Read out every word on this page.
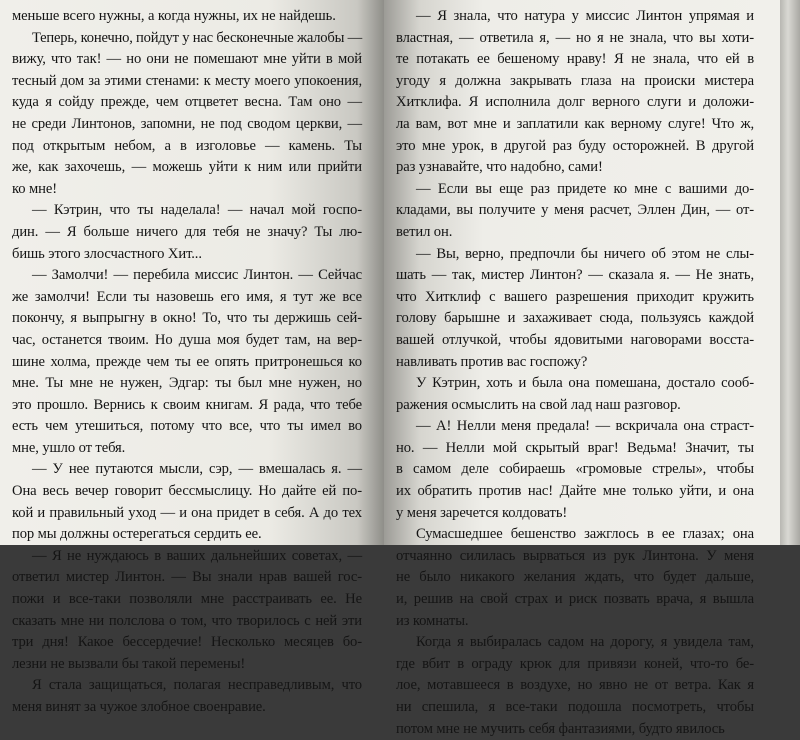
меньше всего нужны, а когда нужны, их не найдешь.
Теперь, конечно, пойдут у нас бесконечные жалобы —
вижу, что так! — но они не помешают мне уйти в мой
тесный дом за этими стенами: к месту моего упокоения,
куда я сойду прежде, чем отцветет весна. Там оно —
не среди Линтонов, запомни, не под сводом церкви, —
под открытым небом, а в изголовье — камень. Ты
же, как захочешь, — можешь уйти к ним или прийти
ко мне!
— Кэтрин, что ты наделала! — начал мой госпо-
дин. — Я больше ничего для тебя не значу? Ты лю-
бишь этого злосчастного Хит...
— Замолчи! — перебила миссис Линтон. — Сейчас
же замолчи! Если ты назовешь его имя, я тут же все
покончу, я выпрыгну в окно! То, что ты держишь сей-
час, останется твоим. Но душа моя будет там, на вер-
шине холма, прежде чем ты ее опять притронешься ко
мне. Ты мне не нужен, Эдгар: ты был мне нужен, но
это прошло. Вернись к своим книгам. Я рада, что тебе
есть чем утешиться, потому что все, что ты имел во
мне, ушло от тебя.
— У нее путаются мысли, сэр, — вмешалась я. —
Она весь вечер говорит бессмыслицу. Но дайте ей по-
кой и правильный уход — и она придет в себя. А до тех
пор мы должны остерегаться сердить ее.
— Я не нуждаюсь в ваших дальнейших советах, —
ответил мистер Линтон. — Вы знали нрав вашей гос-
пожи и все-таки позволяли мне расстраивать ее. Не
сказать мне ни полслова о том, что творилось с ней эти
три дня! Какое бессердечие! Несколько месяцев бо-
лезни не вызвали бы такой перемены!
Я стала защищаться, полагая несправедливым, что
меня винят за чужое злобное своенравие.
— Я знала, что натура у миссис Линтон упрямая и
властная, — ответила я, — но я не знала, что вы хоти-
те потакать ее бешеному нраву! Я не знала, что ей в
угоду я должна закрывать глаза на происки мистера
Хитклифа. Я исполнила долг верного слуги и доложи-
ла вам, вот мне и заплатили как верному слуге! Что ж,
это мне урок, в другой раз буду осторожней. В другой
раз узнавайте, что надобно, сами!
— Если вы еще раз придете ко мне с вашими до-
кладами, вы получите у меня расчет, Эллен Дин, — от-
ветил он.
— Вы, верно, предпочли бы ничего об этом не слы-
шать — так, мистер Линтон? — сказала я. — Не знать,
что Хитклиф с вашего разрешения приходит кружить
голову барышне и захаживает сюда, пользуясь каждой
вашей отлучкой, чтобы ядовитыми наговорами восста-
навливать против вас госпожу?
У Кэтрин, хоть и была она помешана, достало сооб-
ражения осмыслить на свой лад наш разговор.
— А! Нелли меня предала! — вскричала она страст-
но. — Нелли мой скрытый враг! Ведьма! Значит, ты
в самом деле собираешь «громовые стрелы», чтобы
их обратить против нас! Дайте мне только уйти, и она
у меня заречется колдовать!
Сумасшедшее бешенство зажглось в ее глазах; она
отчаянно силилась вырваться из рук Линтона. У меня
не было никакого желания ждать, что будет дальше,
и, решив на свой страх и риск позвать врача, я вышла
из комнаты.
Когда я выбиралась садом на дорогу, я увидела там,
где вбит в ограду крюк для привязи коней, что-то бе-
лое, мотавшееся в воздухе, но явно не от ветра. Как я
ни спешила, я все-таки подошла посмотреть, чтобы
потом мне не мучить себя фантазиями, будто явилось
